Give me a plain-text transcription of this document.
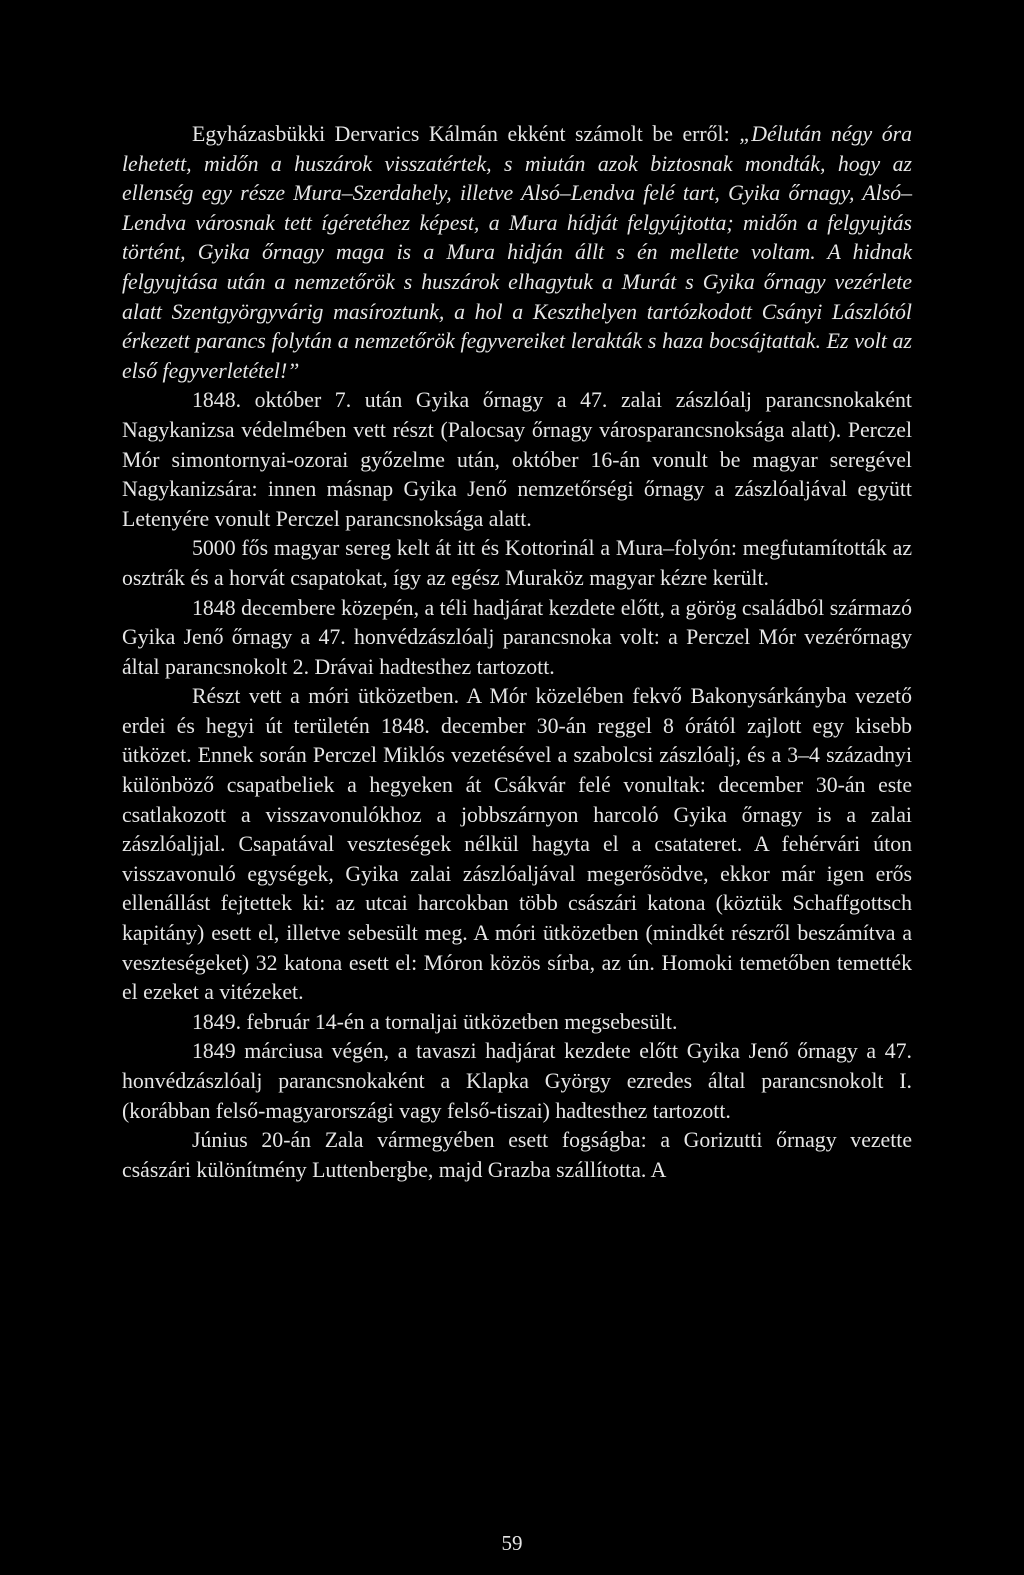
Egyházasbükki Dervarics Kálmán ekként számolt be erről: „Délután négy óra lehetett, midőn a huszárok visszatértek, s miután azok biztosnak mondták, hogy az ellenség egy része Mura–Szerdahely, illetve Alsó–Lendva felé tart, Gyika őrnagy, Alsó–Lendva városnak tett ígéretéhez képest, a Mura hídját felgyújtotta; midőn a felgyujtás történt, Gyika őrnagy maga is a Mura hidján állt s én mellette voltam. A hidnak felgyujtása után a nemzetőrök s huszárok elhagytuk a Murát s Gyika őrnagy vezérlete alatt Szentgyörgyvárig masíroztunk, a hol a Keszthelyen tartózkodott Csányi Lászlótól érkezett parancs folytán a nemzetőrök fegyvereiket lerakták s haza bocsájtattak. Ez volt az első fegyverletétel!”

1848. október 7. után Gyika őrnagy a 47. zalai zászlóalj parancsnokaként Nagykanizsa védelmében vett részt (Palocsay őrnagy városparancsnoksága alatt). Perczel Mór simontornyai-ozorai győzelme után, október 16-án vonult be magyar seregével Nagykanizsára: innen másnap Gyika Jenő nemzetőrségi őrnagy a zászlóaljával együtt Letenyére vonult Perczel parancsnoksága alatt.

5000 fős magyar sereg kelt át itt és Kottorinál a Mura–folyón: megfutamították az osztrák és a horvát csapatokat, így az egész Muraköz magyar kézre került.

1848 decembere közepén, a téli hadjárat kezdete előtt, a görög családból származó Gyika Jenő őrnagy a 47. honvédzászlóalj parancsnoka volt: a Perczel Mór vezérőrnagy által parancsnokolt 2. Drávai hadtesthez tartozott.

Részt vett a móri ütközetben. A Mór közelében fekvő Bakonysárkányba vezető erdei és hegyi út területén 1848. december 30-án reggel 8 órától zajlott egy kisebb ütközet. Ennek során Perczel Miklós vezetésével a szabolcsi zászlóalj, és a 3–4 századnyi különböző csapatbeliek a hegyeken át Csákvár felé vonultak: december 30-án este csatlakozott a visszavonulókhoz a jobbszárnyon harcoló Gyika őrnagy is a zalai zászlóaljjal. Csapatával veszteségek nélkül hagyta el a csatateret. A fehérvári úton visszavonuló egységek, Gyika zalai zászlóaljával megerősödve, ekkor már igen erős ellenállást fejtettek ki: az utcai harcokban több császári katona (köztük Schaffgottsch kapitány) esett el, illetve sebesült meg. A móri ütközetben (mindkét részről beszámítva a veszteségeket) 32 katona esett el: Móron közös sírba, az ún. Homoki temetőben temették el ezeket a vitézeket.

1849. február 14-én a tornaljai ütközetben megsebesült.

1849 márciusa végén, a tavaszi hadjárat kezdete előtt Gyika Jenő őrnagy a 47. honvédzászlóalj parancsnokaként a Klapka György ezredes által parancsnokolt I. (korábban felső-magyarországi vagy felső-tiszai) hadtesthez tartozott.

Június 20-án Zala vármegyében esett fogságba: a Gorizutti őrnagy vezette császári különítmény Luttenbergbe, majd Grazba szállította. A

59
